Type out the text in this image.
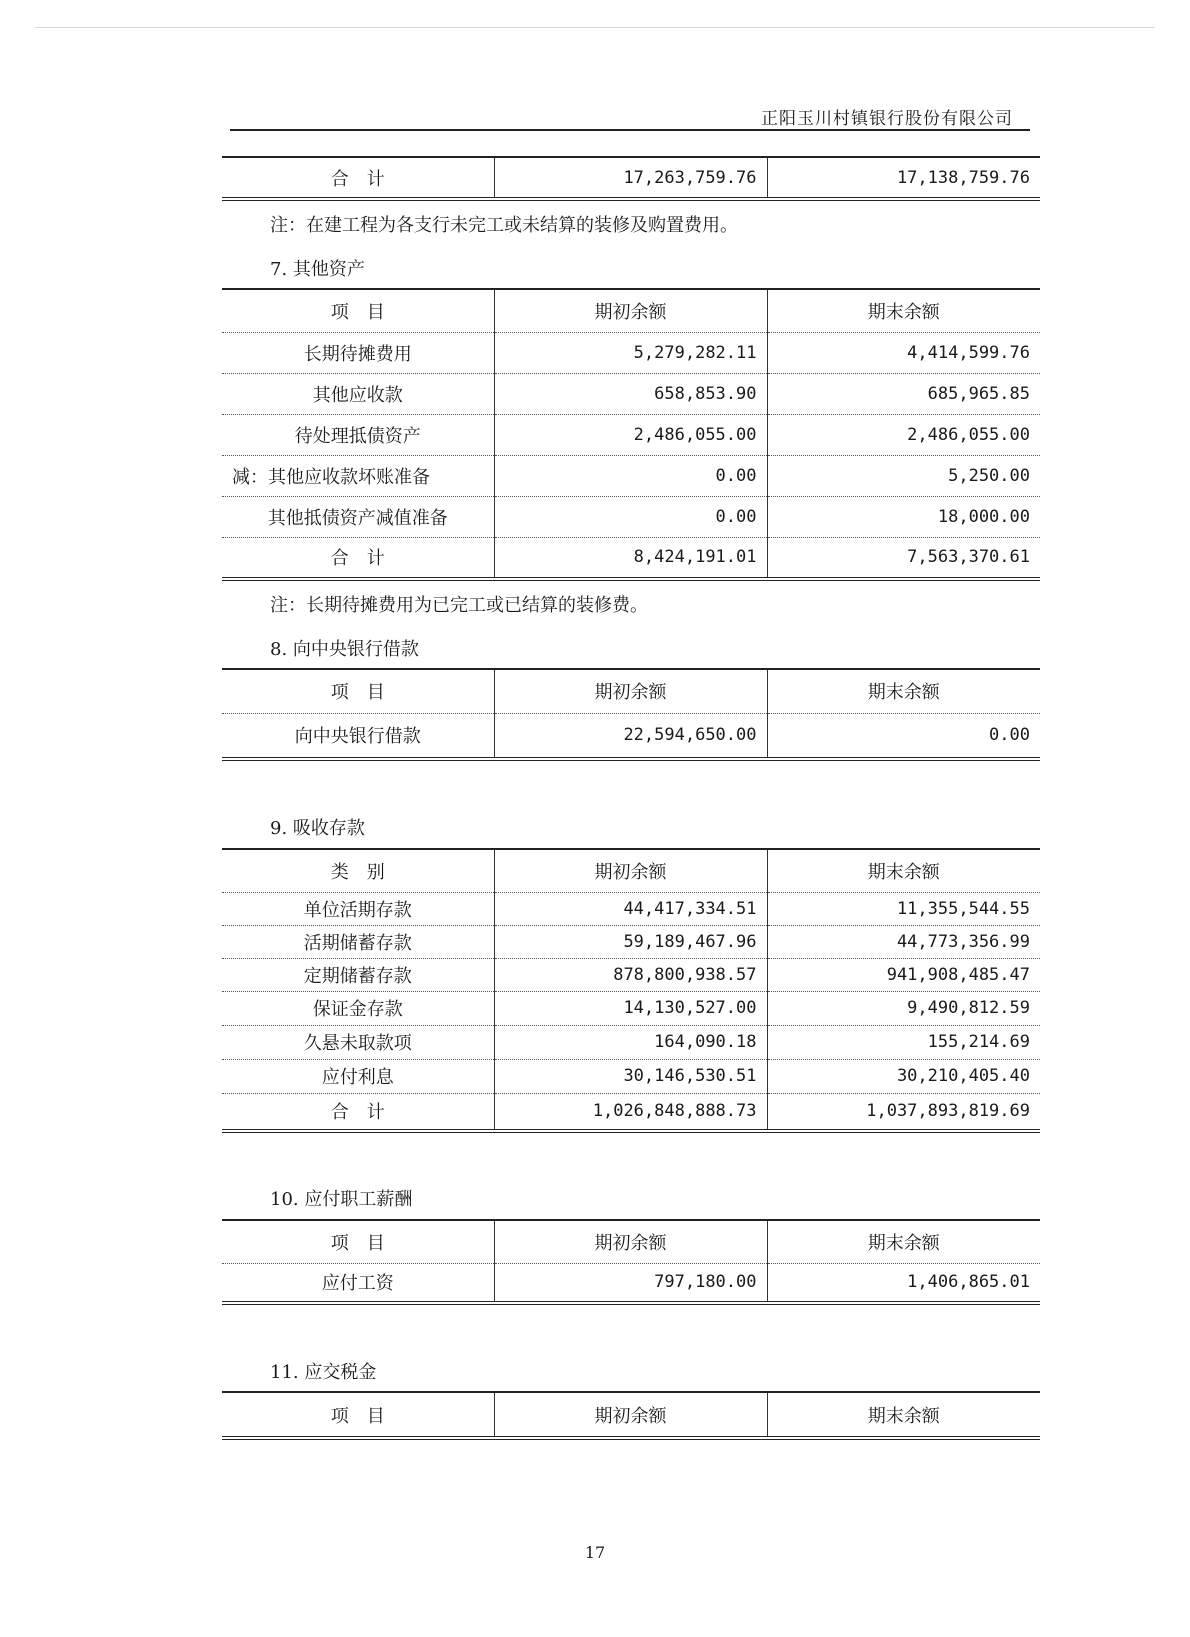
正阳玉川村镇银行股份有限公司
合　计	17,263,759.76	17,138,759.76
注：在建工程为各支行未完工或未结算的装修及购置费用。
7. 其他资产
项　目	期初余额	期末余额
长期待摊费用	5,279,282.11	4,414,599.76
其他应收款	658,853.90	685,965.85
待处理抵债资产	2,486,055.00	2,486,055.00
减：其他应收款坏账准备	0.00	5,250.00
其他抵债资产减值准备	0.00	18,000.00
合　计	8,424,191.01	7,563,370.61
注：长期待摊费用为已完工或已结算的装修费。
8. 向中央银行借款
项　目	期初余额	期末余额
向中央银行借款	22,594,650.00	0.00
9. 吸收存款
类　别	期初余额	期末余额
单位活期存款	44,417,334.51	11,355,544.55
活期储蓄存款	59,189,467.96	44,773,356.99
定期储蓄存款	878,800,938.57	941,908,485.47
保证金存款	14,130,527.00	9,490,812.59
久悬未取款项	164,090.18	155,214.69
应付利息	30,146,530.51	30,210,405.40
合　计	1,026,848,888.73	1,037,893,819.69
10. 应付职工薪酬
项　目	期初余额	期末余额
应付工资	797,180.00	1,406,865.01
11. 应交税金
项　目	期初余额	期末余额
17
